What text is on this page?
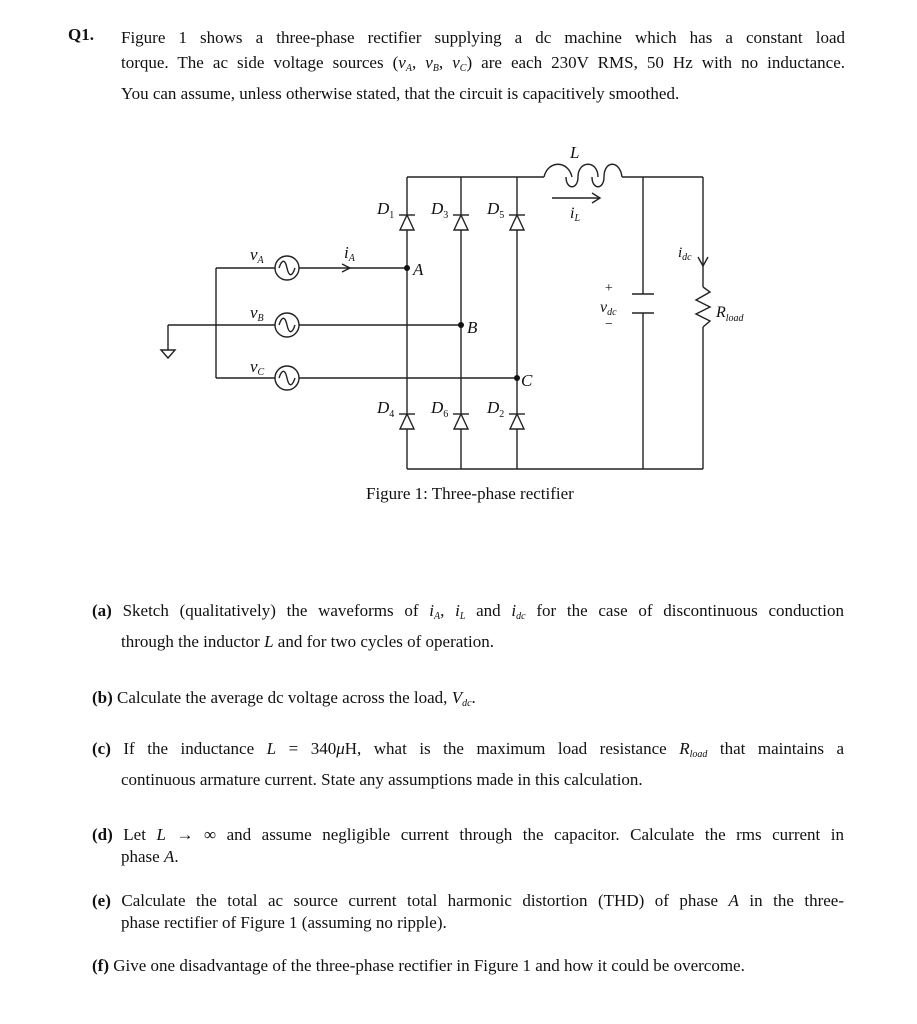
Q1. Figure 1 shows a three-phase rectifier supplying a dc machine which has a constant load
torque. The ac side voltage sources ($v_A$, $v_B$, $v_C$) are each 230V RMS, 50 Hz with no inductance.
You can assume, unless otherwise stated, that the circuit is capacitively smoothed.
L
iL
$i_{dc}$
$R_{load}$
+
vdc
−
$D_1$ $D_3$ $D_5$
$D_4$ $D_6$ $D_2$
A
B
C
vA
vB
vC
iA
Figure 1: Three-phase rectifier
(a) Sketch (qualitatively) the waveforms of $i_A$, $i_L$ and $i_{dc}$ for the case of discontinuous conduction
through the inductor L and for two cycles of operation.
(b) Calculate the average dc voltage across the load, $V_{dc}$.
(c) If the inductance L = 340μH, what is the maximum load resistance $R_{load}$ that maintains a
continuous armature current. State any assumptions made in this calculation.
(d) Let L → ∞ and assume negligible current through the capacitor. Calculate the rms current in
phase A.
(e) Calculate the total ac source current total harmonic distortion (THD) of phase A in the three-
phase rectifier of Figure 1 (assuming no ripple).
(f) Give one disadvantage of the three-phase rectifier in Figure 1 and how it could be overcome.
